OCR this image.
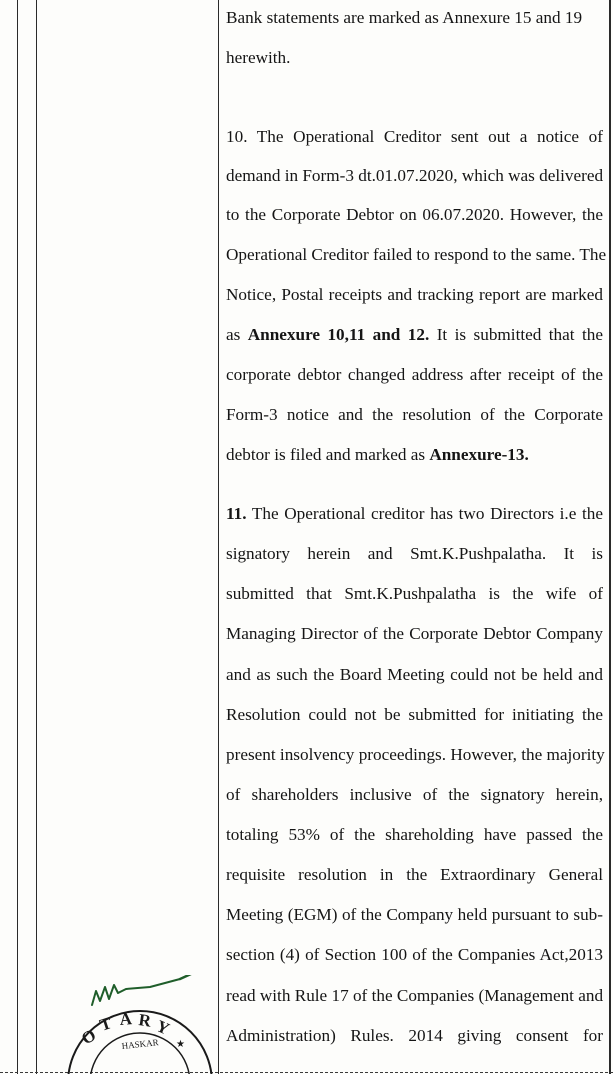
Bank statements are marked as Annexure 15 and 19
herewith.
10. The Operational Creditor sent out a notice of
demand in Form-3 dt.01.07.2020, which was delivered
to the Corporate Debtor on 06.07.2020. However, the
Operational Creditor failed to respond to the same. The
Notice, Postal receipts and tracking report are marked
as Annexure 10,11 and 12. It is submitted that the
corporate debtor changed address after receipt of the
Form-3 notice and the resolution of the Corporate
debtor is filed and marked as Annexure-13.
11. The Operational creditor has two Directors i.e the
signatory herein and Smt.K.Pushpalatha. It is
submitted that Smt.K.Pushpalatha is the wife of
Managing Director of the Corporate Debtor Company
and as such the Board Meeting could not be held and
Resolution could not be submitted for initiating the
present insolvency proceedings. However, the majority
of shareholders inclusive of the signatory herein,
totaling 53% of the shareholding have passed the
requisite resolution in the Extraordinary General
Meeting (EGM) of the Company held pursuant to sub-
section (4) of Section 100 of the Companies Act,2013
read with Rule 17 of the Companies (Management and
Administration) Rules. 2014 giving consent for
O
T A R Y
HASKAR ★
